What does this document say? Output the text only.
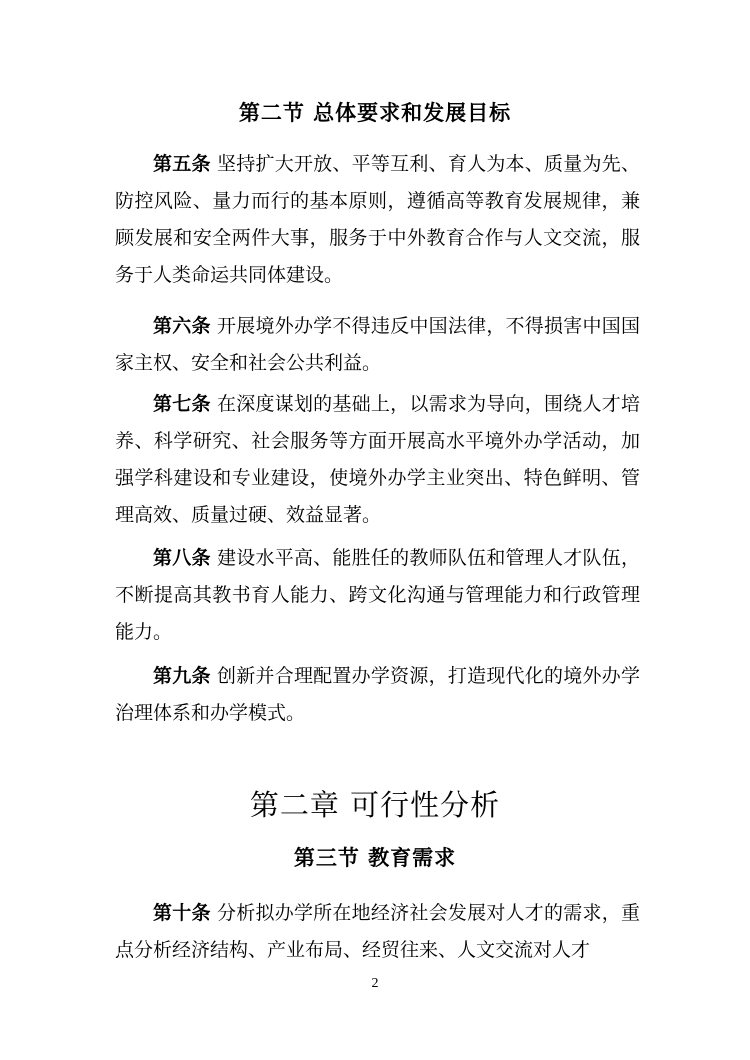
第二节 总体要求和发展目标

第五条 坚持扩大开放、平等互利、育人为本、质量为先、防控风险、量力而行的基本原则，遵循高等教育发展规律，兼顾发展和安全两件大事，服务于中外教育合作与人文交流，服务于人类命运共同体建设。

第六条 开展境外办学不得违反中国法律，不得损害中国国家主权、安全和社会公共利益。

第七条 在深度谋划的基础上，以需求为导向，围绕人才培养、科学研究、社会服务等方面开展高水平境外办学活动，加强学科建设和专业建设，使境外办学主业突出、特色鲜明、管理高效、质量过硬、效益显著。

第八条 建设水平高、能胜任的教师队伍和管理人才队伍，不断提高其教书育人能力、跨文化沟通与管理能力和行政管理能力。

第九条 创新并合理配置办学资源，打造现代化的境外办学治理体系和办学模式。

第二章 可行性分析
第三节 教育需求

第十条 分析拟办学所在地经济社会发展对人才的需求，重点分析经济结构、产业布局、经贸往来、人文交流对人才

2
